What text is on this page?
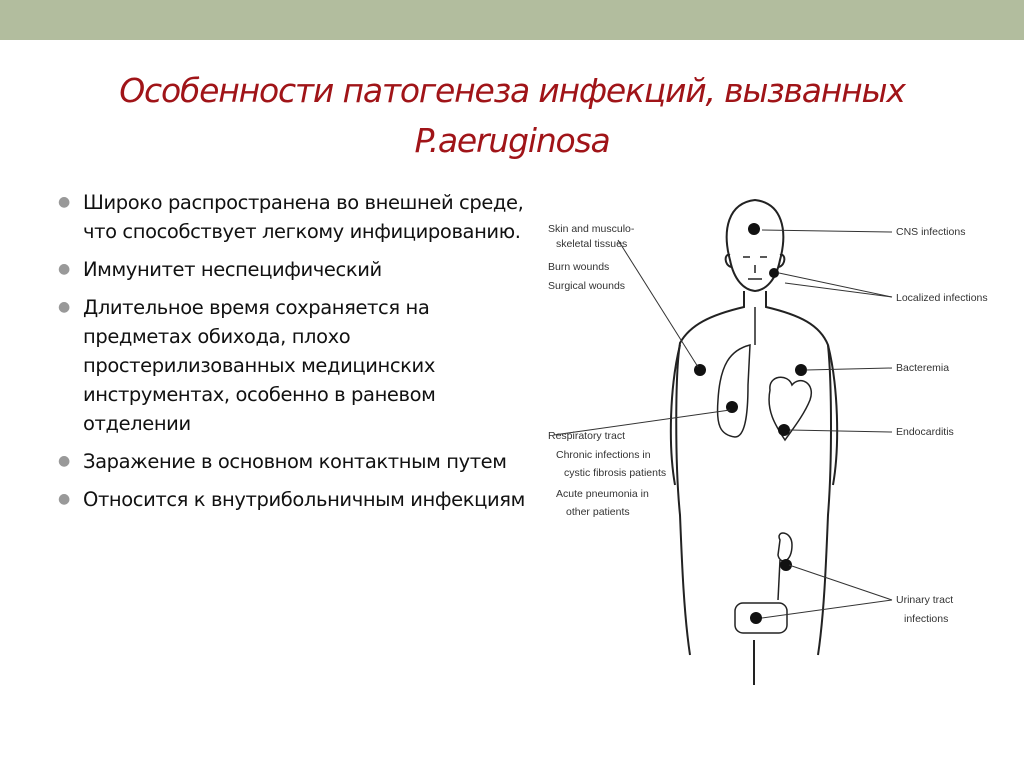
Особенности патогенеза инфекций, вызванных
P.aeruginosa
● Широко распространена во внешней среде, что способствует легкому инфицированию.
● Иммунитет неспецифический
● Длительное время сохраняется на предметах обихода, плохо простерилизованных медицинских инструментах, особенно в раневом отделении
● Заражение в основном контактным путем
● Относится к внутрибольничным инфекциям
Skin and musculo-
skeletal tissues
Burn wounds
Surgical wounds
Respiratory tract
Chronic infections in
cystic fibrosis patients
Acute pneumonia in
other patients
CNS infections
Localized infections
Bacteremia
Endocarditis
Urinary tract
infections
